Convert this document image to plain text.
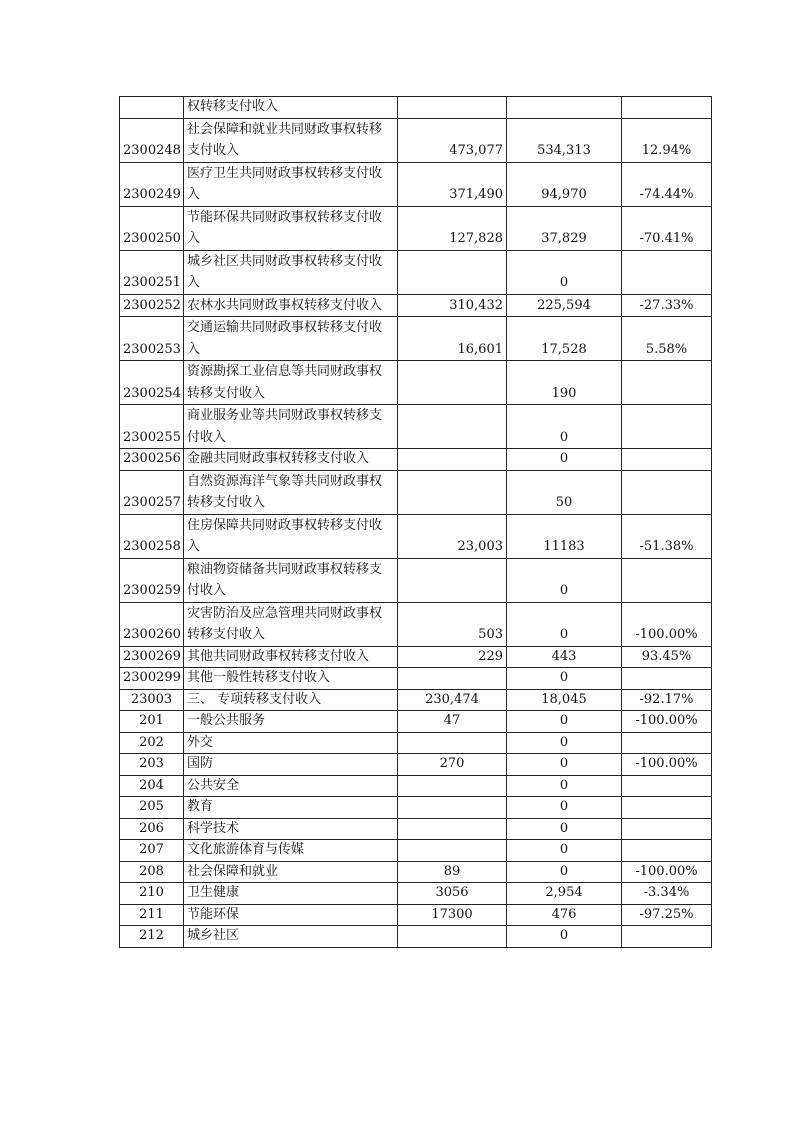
	权转移支付收入			
2300248	社会保障和就业共同财政事权转移支付收入	473,077	534,313	12.94%
2300249	医疗卫生共同财政事权转移支付收入	371,490	94,970	-74.44%
2300250	节能环保共同财政事权转移支付收入	127,828	37,829	-70.41%
2300251	城乡社区共同财政事权转移支付收入		0	
2300252	农林水共同财政事权转移支付收入	310,432	225,594	-27.33%
2300253	交通运输共同财政事权转移支付收入	16,601	17,528	5.58%
2300254	资源勘探工业信息等共同财政事权转移支付收入		190	
2300255	商业服务业等共同财政事权转移支付收入		0	
2300256	金融共同财政事权转移支付收入		0	
2300257	自然资源海洋气象等共同财政事权转移支付收入		50	
2300258	住房保障共同财政事权转移支付收入	23,003	11183	-51.38%
2300259	粮油物资储备共同财政事权转移支付收入		0	
2300260	灾害防治及应急管理共同财政事权转移支付收入	503	0	-100.00%
2300269	其他共同财政事权转移支付收入	229	443	93.45%
2300299	其他一般性转移支付收入		0	
23003	三、 专项转移支付收入	230,474	18,045	-92.17%
201	一般公共服务	47	0	-100.00%
202	外交		0	
203	国防	270	0	-100.00%
204	公共安全		0	
205	教育		0	
206	科学技术		0	
207	文化旅游体育与传媒		0	
208	社会保障和就业	89	0	-100.00%
210	卫生健康	3056	2,954	-3.34%
211	节能环保	17300	476	-97.25%
212	城乡社区		0	
